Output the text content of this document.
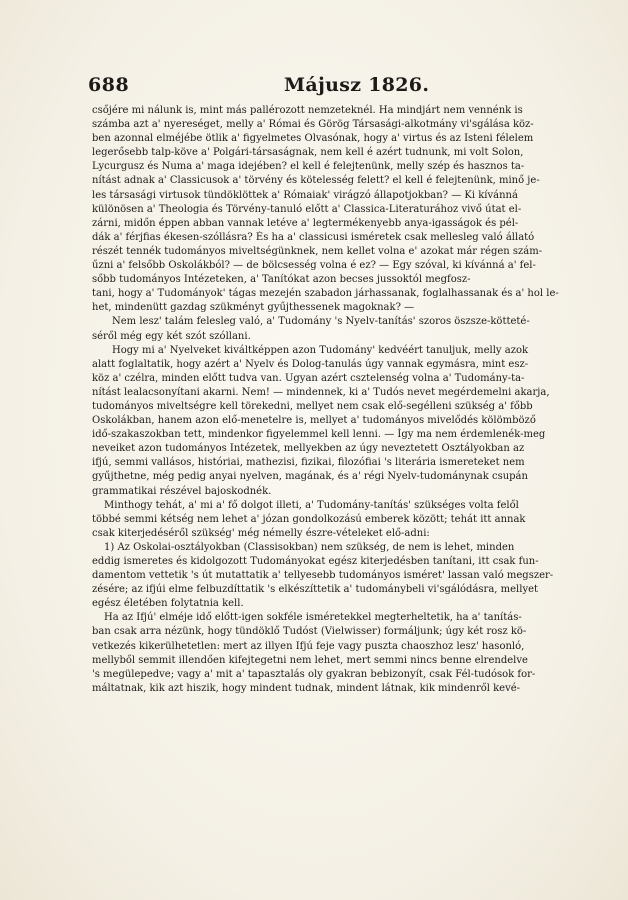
688	Májusz 1826.
csőjére mi nálunk is, mint más pallérozott nemzeteknél. Ha mindjárt nem vennénk is
számba azt a' nyereséget, melly a' Római és Görög Társasági-alkotmány vi'sgálása köz-
ben azonnal elméjébe ötlik a' figyelmetes Olvasónak, hogy a' virtus és az Isteni félelem
legerősebb talp-köve a' Polgári-társaságnak, nem kell é azért tudnunk, mi volt Solon,
Lycurgusz és Numa a' maga idejében? el kell é felejtenünk, melly szép és hasznos ta-
nítást adnak a' Classicusok a' törvény és kötelesség felett? el kell é felejtenünk, minő je-
les társasági virtusok tündöklöttek a' Rómaiak' virágzó állapotjokban? — Ki kívánná
különösen a' Theologia és Törvény-tanuló előtt a' Classica-Literaturához vivő útat el-
zárni, midőn éppen abban vannak letéve a' legtermékenyebb anya-igasságok és pél-
dák a' férjfias ékesen-szóllásra? És ha a' classicusi isméretek csak mellesleg való állató
részét tennék tudományos miveltségünknek, nem kellet volna e' azokat már régen szám-
űzni a' felsőbb Oskolákból? — de bölcsesség volna é ez? — Egy szóval, ki kívánná a' fel-
sőbb tudományos Intézeteken, a' Tanítókat azon becses jussoktól megfosz-
tani, hogy a' Tudományok' tágas mezején szabadon járhassanak, foglalhassanak és a' hol le-
het, mindenütt gazdag szükményt gyűjthessenek magoknak? —
Nem lesz' talám felesleg való, a' Tudomány 's Nyelv-tanítás' szoros öszsze-kötteté-
séről még egy két szót szóllani.
Hogy mi a' Nyelveket kiváltképpen azon Tudomány' kedvéért tanuljuk, melly azok
alatt foglaltatik, hogy azért a' Nyelv és Dolog-tanulás úgy vannak egymásra, mint esz-
köz a' czélra, minden előtt tudva van. Ugyan azért csztelenség volna a' Tudomány-ta-
nítást lealacsonyítani akarni. Nem! — mindennek, ki a' Tudós nevet megérdemelni akarja,
tudományos miveltségre kell törekedni, mellyet nem csak elő-segélleni szükség a' főbb
Oskolákban, hanem azon elő-menetelre is, mellyet a' tudományos mivelődés kölömböző
idő-szakaszokban tett, mindenkor figyelemmel kell lenni. — Így ma nem érdemlenék-meg
neveiket azon tudományos Intézetek, mellyekben az úgy neveztetett Osztályokban az
ifjú, semmi vallásos, históriai, mathezisi, fizikai, filozófiai 's literária ismereteket nem
gyűjthetne, még pedig anyai nyelven, magának, és a' régi Nyelv-tudománynak csupán
grammatikai részével bajoskodnék.
Minthogy tehát, a' mi a' fő dolgot illeti, a' Tudomány-tanítás' szükséges volta felől
többé semmi kétség nem lehet a' józan gondolkozású emberek között; tehát itt annak
csak kiterjedéséről szükség' még némelly észre-vételeket elő-adni:
1) Az Oskolai-osztályokban (Classisokban) nem szükség, de nem is lehet, minden
eddig ismeretes és kidolgozott Tudományokat egész kiterjedésben tanítani, itt csak fun-
damentom vettetik 's út mutattatik a' tellyesebb tudományos isméret' lassan való megszer-
zésére; az ifjúi elme felbuzdíttatik 's elkészíttetik a' tudománybeli vi'sgálódásra, mellyet
egész életében folytatnia kell.
Ha az Ifjú' elméje idő előtt-igen sokféle isméretekkel megterheltetik, ha a' tanítás-
ban csak arra nézünk, hogy tündöklő Tudóst (Vielwisser) formáljunk; úgy két rosz kö-
vetkezés kikerülhetetlen: mert az illyen Ifjú feje vagy puszta chaoszhoz lesz' hasonló,
mellyből semmit illendően kifejtegetni nem lehet, mert semmi nincs benne elrendelve
's megülepedve; vagy a' mit a' tapasztalás oly gyakran bebizonyít, csak Fél-tudósok for-
máltatnak, kik azt hiszik, hogy mindent tudnak, mindent látnak, kik mindenről kevé-
